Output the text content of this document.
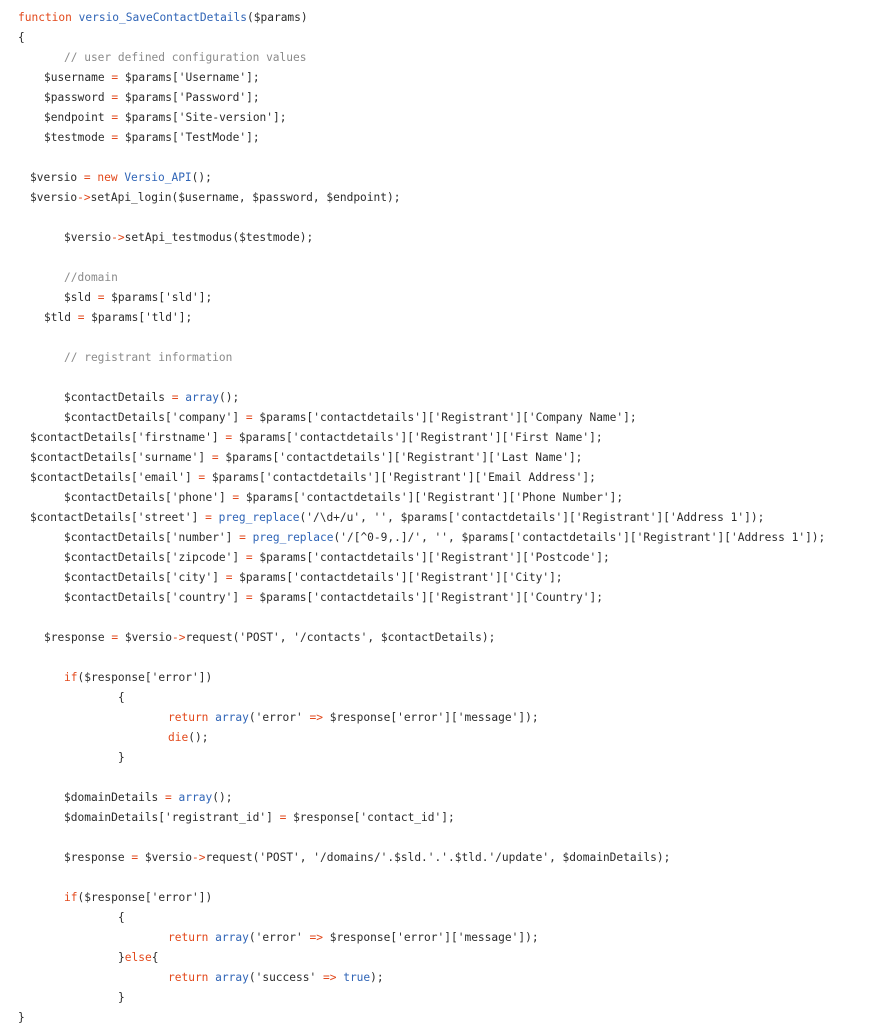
function versio_SaveContactDetails($params)
{
// user defined configuration values
$username = $params['Username'];
$password = $params['Password'];
$endpoint = $params['Site-version'];
$testmode = $params['TestMode'];
$versio = new Versio_API();
$versio->setApi_login($username, $password, $endpoint);
$versio->setApi_testmodus($testmode);
//domain
$sld = $params['sld'];
$tld = $params['tld'];
// registrant information
$contactDetails = array();
$contactDetails['company'] = $params['contactdetails']['Registrant']['Company Name'];
$contactDetails['firstname'] = $params['contactdetails']['Registrant']['First Name'];
$contactDetails['surname'] = $params['contactdetails']['Registrant']['Last Name'];
$contactDetails['email'] = $params['contactdetails']['Registrant']['Email Address'];
$contactDetails['phone'] = $params['contactdetails']['Registrant']['Phone Number'];
$contactDetails['street'] = preg_replace('/\d+/u', '', $params['contactdetails']['Registrant']['Address 1']);
$contactDetails['number'] = preg_replace('/[^0-9,.]/', '', $params['contactdetails']['Registrant']['Address 1']);
$contactDetails['zipcode'] = $params['contactdetails']['Registrant']['Postcode'];
$contactDetails['city'] = $params['contactdetails']['Registrant']['City'];
$contactDetails['country'] = $params['contactdetails']['Registrant']['Country'];
$response = $versio->request('POST', '/contacts', $contactDetails);
if($response['error'])
{
return array('error' => $response['error']['message']);
die();
}
$domainDetails = array();
$domainDetails['registrant_id'] = $response['contact_id'];
$response = $versio->request('POST', '/domains/'.$sld.'.'.$tld.'/update', $domainDetails);
if($response['error'])
{
return array('error' => $response['error']['message']);
}else{
return array('success' => true);
}
}
